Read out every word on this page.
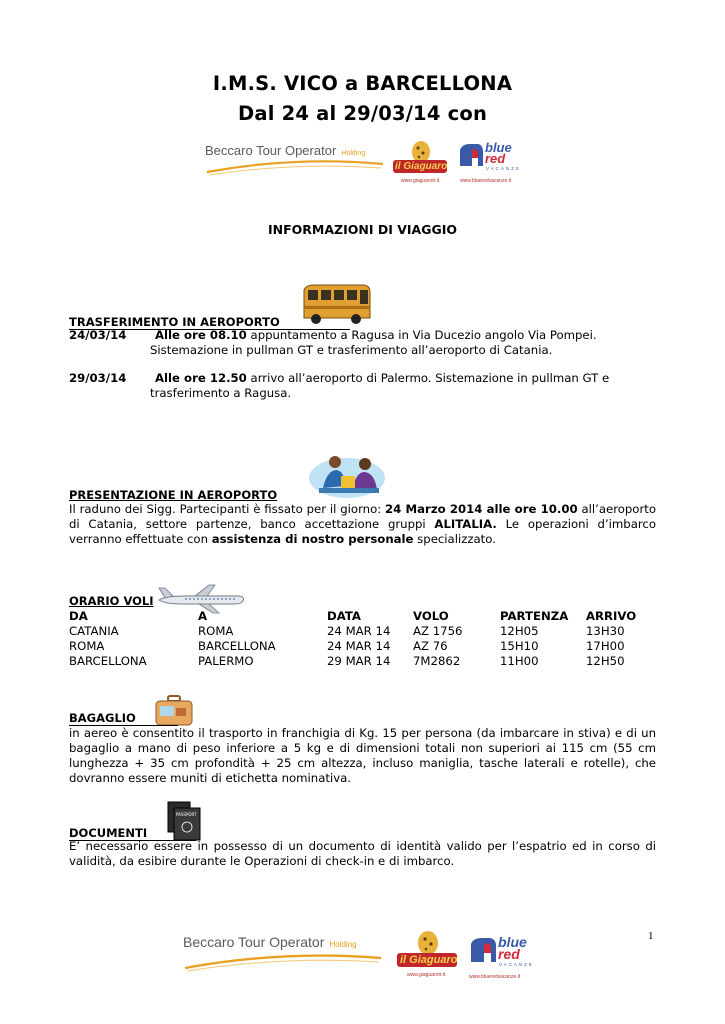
I.M.S. VICO a BARCELLONA
Dal 24 al 29/03/14 con
Beccaro Tour Operator Holding
il Giaguaro
www.giaguarotr.it
blue
red
VACANZE
www.blueredvacanze.it
INFORMAZIONI DI VIAGGIO
TRASFERIMENTO IN AEROPORTO
24/03/14 Alle ore 08.10 appuntamento a Ragusa in Via Ducezio angolo Via Pompei.
Sistemazione in pullman GT e trasferimento all’aeroporto di Catania.
29/03/14 Alle ore 12.50 arrivo all’aeroporto di Palermo. Sistemazione in pullman GT e
trasferimento a Ragusa.
PRESENTAZIONE IN AEROPORTO
Il raduno dei Sigg. Partecipanti è fissato per il giorno: 24 Marzo 2014 alle ore 10.00 all’aeroporto di Catania, settore partenze, banco accettazione gruppi ALITALIA. Le operazioni d’imbarco verranno effettuate con assistenza di nostro personale specializzato.
ORARIO VOLI
DA	A	DATA	VOLO	PARTENZA	ARRIVO
CATANIA	ROMA	24 MAR 14	AZ 1756	12H05	13H30
ROMA	BARCELLONA	24 MAR 14	AZ 76	15H10	17H00
BARCELLONA	PALERMO	29 MAR 14	7M2862	11H00	12H50
BAGAGLIO
in aereo è consentito il trasporto in franchigia di Kg. 15 per persona (da imbarcare in stiva) e di un bagaglio a mano di peso inferiore a 5 kg e di dimensioni totali non superiori ai 115 cm (55 cm lunghezza + 35 cm profondità + 25 cm altezza, incluso maniglia, tasche laterali e rotelle), che dovranno essere muniti di etichetta nominativa.
PASSPORT
DOCUMENTI
E’ necessario essere in possesso di un documento di identità valido per l’espatrio ed in corso di validità, da esibire durante le Operazioni di check-in e di imbarco.
1
Beccaro Tour Operator Holding
il Giaguaro
www.giaguarotr.it
blue
red
VACANZE
www.blueredvacanze.it
